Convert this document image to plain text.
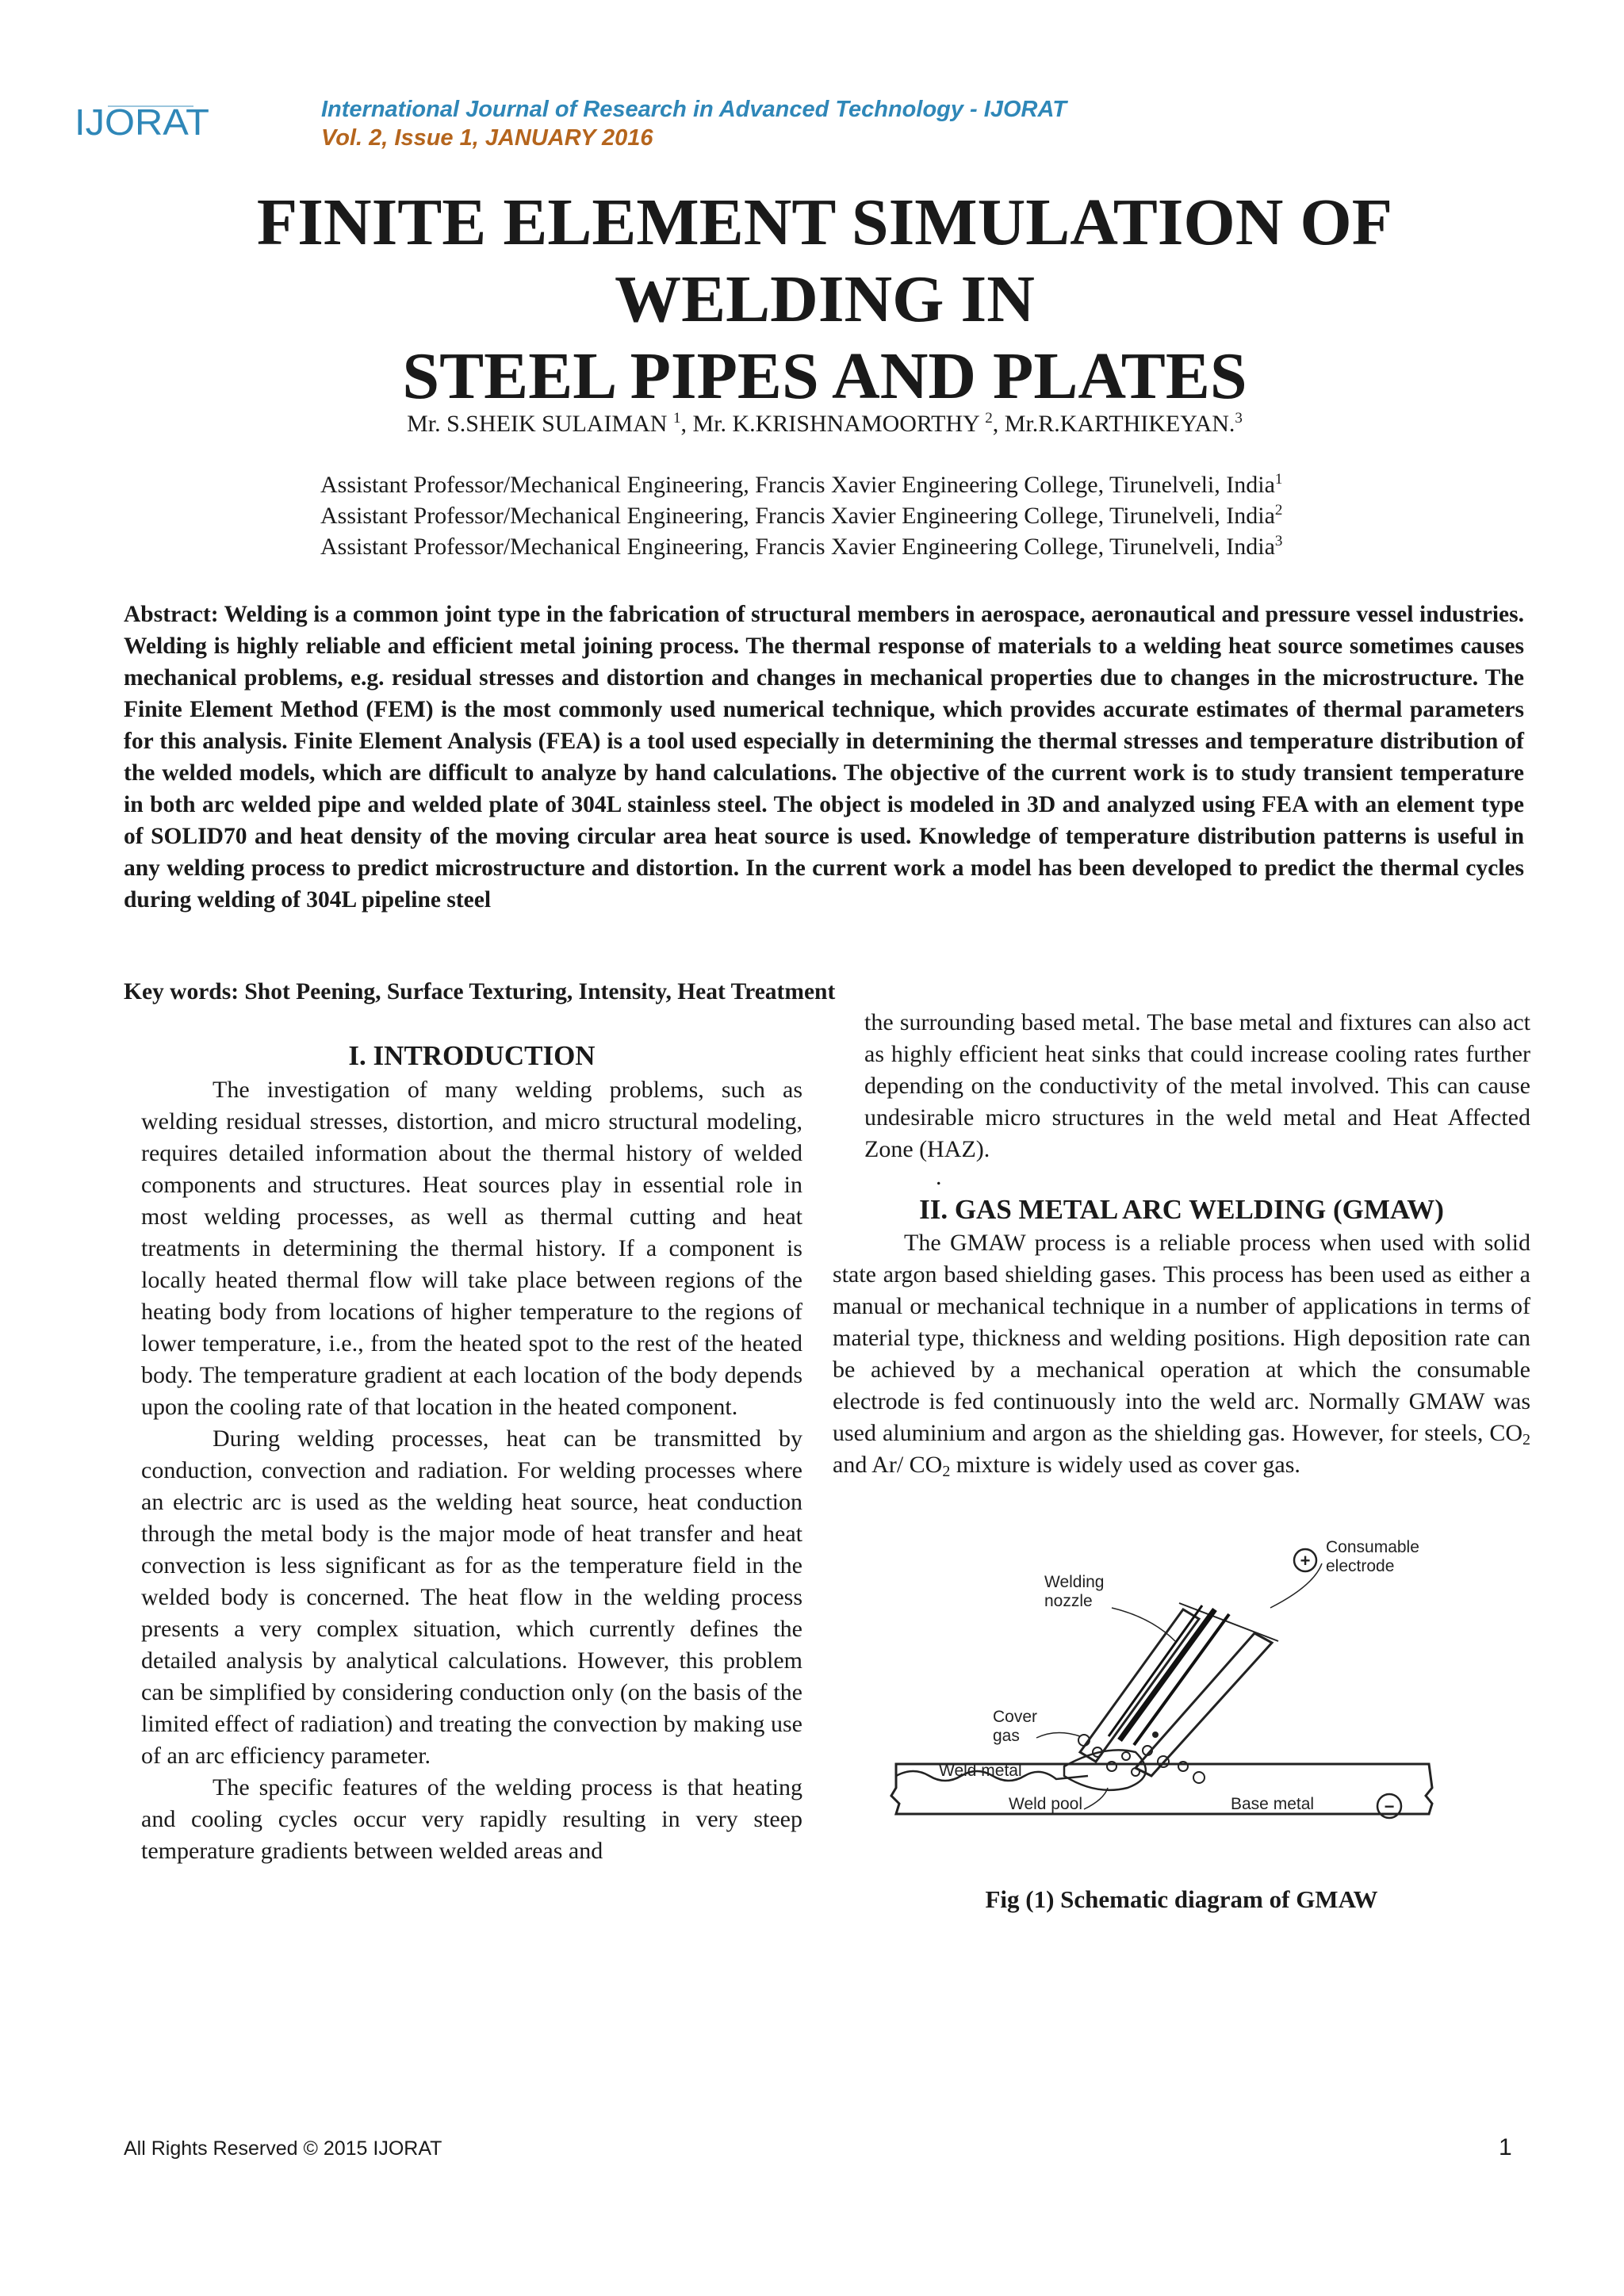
IJORAT	International Journal of Research in Advanced Technology - IJORAT
Vol. 2, Issue 1, JANUARY 2016
FINITE ELEMENT SIMULATION OF
WELDING IN
STEEL PIPES AND PLATES
Mr. S.SHEIK SULAIMAN $^1$, Mr. K.KRISHNAMOORTHY $^2$, Mr.R.KARTHIKEYAN.$^3$
Assistant Professor/Mechanical Engineering, Francis Xavier Engineering College, Tirunelveli, India$^1$
Assistant Professor/Mechanical Engineering, Francis Xavier Engineering College, Tirunelveli, India$^2$
Assistant Professor/Mechanical Engineering, Francis Xavier Engineering College, Tirunelveli, India$^3$
Abstract: Welding is a common joint type in the fabrication of structural members in aerospace, aeronautical and pressure vessel industries. Welding is highly reliable and efficient metal joining process. The thermal response of materials to a welding heat source sometimes causes mechanical problems, e.g. residual stresses and distortion and changes in mechanical properties due to changes in the microstructure. The Finite Element Method (FEM) is the most commonly used numerical technique, which provides accurate estimates of thermal parameters for this analysis. Finite Element Analysis (FEA) is a tool used especially in determining the thermal stresses and temperature distribution of the welded models, which are difficult to analyze by hand calculations. The objective of the current work is to study transient temperature in both arc welded pipe and welded plate of 304L stainless steel. The object is modeled in 3D and analyzed using FEA with an element type of SOLID70 and heat density of the moving circular area heat source is used. Knowledge of temperature distribution patterns is useful in any welding process to predict microstructure and distortion. In the current work a model has been developed to predict the thermal cycles during welding of 304L pipeline steel
Key words: Shot Peening, Surface Texturing, Intensity, Heat Treatment
I. INTRODUCTION

The investigation of many welding problems, such as welding residual stresses, distortion, and micro structural modeling, requires detailed information about the thermal history of welded components and structures. Heat sources play in essential role in most welding processes, as well as thermal cutting and heat treatments in determining the thermal history. If a component is locally heated thermal flow will take place between regions of the heating body from locations of higher temperature to the regions of lower temperature, i.e., from the heated spot to the rest of the heated body. The temperature gradient at each location of the body depends upon the cooling rate of that location in the heated component.

During welding processes, heat can be transmitted by conduction, convection and radiation. For welding processes where an electric arc is used as the welding heat source, heat conduction through the metal body is the major mode of heat transfer and heat convection is less significant as for as the temperature field in the welded body is concerned. The heat flow in the welding process presents a very complex situation, which currently defines the detailed analysis by analytical calculations. However, this problem can be simplified by considering conduction only (on the basis of the limited effect of radiation) and treating the convection by making use of an arc efficiency parameter.

The specific features of the welding process is that heating and cooling cycles occur very rapidly resulting in very steep temperature gradients between welded areas and

the surrounding based metal. The base metal and fixtures can also act as highly efficient heat sinks that could increase cooling rates further depending on the conductivity of the metal involved. This can cause undesirable micro structures in the weld metal and Heat Affected Zone (HAZ).
.
II. GAS METAL ARC WELDING (GMAW)

The GMAW process is a reliable process when used with solid state argon based shielding gases. This process has been used as either a manual or mechanical technique in a number of applications in terms of material type, thickness and welding positions. High deposition rate can be achieved by a mechanical operation at which the consumable electrode is fed continuously into the weld arc. Normally GMAW was used aluminium and argon as the shielding gas. However, for steels, $CO_2$ and Ar/ $CO_2$ mixture is widely used as cover gas.

+
−
Consumable
electrode
Welding
nozzle
Cover
gas
Weld metal
Weld pool	Base metal
Fig (1) Schematic diagram of GMAW
All Rights Reserved © 2015 IJORAT	1
